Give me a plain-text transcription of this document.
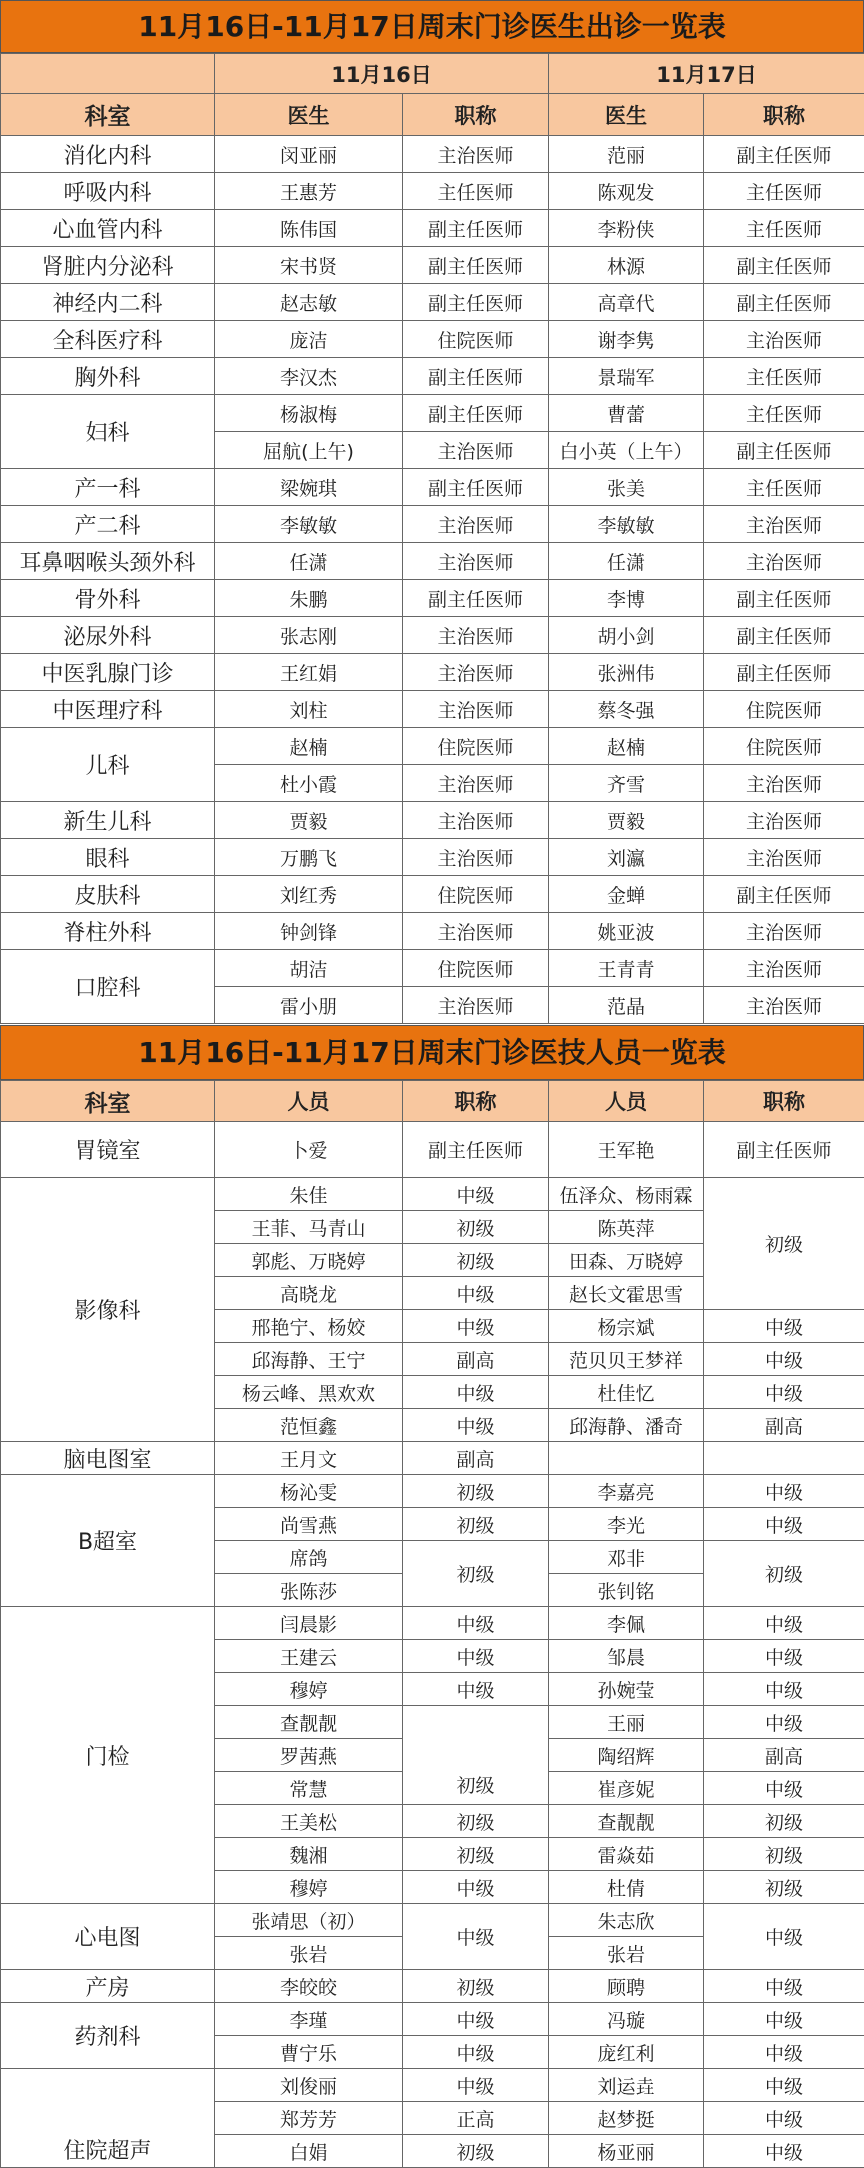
11月16日-11月17日周末门诊医生出诊一览表
	11月16日		11月17日	
科室	医生	职称	医生	职称
消化内科	闵亚丽	主治医师	范丽	副主任医师
呼吸内科	王惠芳	主任医师	陈观发	主任医师
心血管内科	陈伟国	副主任医师	李粉侠	主任医师
肾脏内分泌科	宋书贤	副主任医师	林源	副主任医师
神经内二科	赵志敏	副主任医师	高章代	副主任医师
全科医疗科	庞洁	住院医师	谢李隽	主治医师
胸外科	李汉杰	副主任医师	景瑞军	主任医师
妇科	杨淑梅	副主任医师	曹蕾	主任医师
	屈航(上午)	主治医师	白小英（上午）	副主任医师
产一科	梁婉琪	副主任医师	张美	主任医师
产二科	李敏敏	主治医师	李敏敏	主治医师
耳鼻咽喉头颈外科	任潇	主治医师	任潇	主治医师
骨外科	朱鹏	副主任医师	李博	副主任医师
泌尿外科	张志刚	主治医师	胡小剑	副主任医师
中医乳腺门诊	王红娟	主治医师	张洲伟	副主任医师
中医理疗科	刘柱	主治医师	蔡冬强	住院医师
儿科	赵楠	住院医师	赵楠	住院医师
	杜小霞	主治医师	齐雪	主治医师
新生儿科	贾毅	主治医师	贾毅	主治医师
眼科	万鹏飞	主治医师	刘瀛	主治医师
皮肤科	刘红秀	住院医师	金蝉	副主任医师
脊柱外科	钟剑锋	主治医师	姚亚波	主治医师
口腔科	胡洁	住院医师	王青青	主治医师
	雷小朋	主治医师	范晶	主治医师
11月16日-11月17日周末门诊医技人员一览表
科室	人员	职称	人员	职称
胃镜室	卜爱	副主任医师	王军艳	副主任医师
影像科	朱佳	中级	伍泽众、杨雨霖	初级
	王菲、马青山	初级	陈英萍	
	郭彪、万晓婷	初级	田森、万晓婷	
	高晓龙	中级	赵长文霍思雪	
	邢艳宁、杨姣	中级	杨宗斌	中级
	邱海静、王宁	副高	范贝贝王梦祥	中级
	杨云峰、黑欢欢	中级	杜佳忆	中级
	范恒鑫	中级	邱海静、潘奇	副高
脑电图室	王月文	副高		
B超室	杨沁雯	初级	李嘉亮	中级
	尚雪燕	初级	李光	中级
	席鸽	初级	邓非	初级
	张陈莎		张钊铭	
门检	闫晨影	中级	李佩	中级
	王建云	中级	邹晨	中级
	穆婷	中级	孙婉莹	中级
	查靓靓	初级	王丽	中级
	罗茜燕		陶绍辉	副高
	常慧		崔彦妮	中级
	王美松	初级	查靓靓	初级
	魏湘	初级	雷焱茹	初级
	穆婷	中级	杜倩	初级
心电图	张靖思（初）	中级	朱志欣	中级
	张岩		张岩	
产房	李皎皎	初级	顾聘	中级
药剂科	李瑾	中级	冯璇	中级
	曹宁乐	中级	庞红利	中级
住院超声	刘俊丽	中级	刘运垚	中级
	郑芳芳	正高	赵梦挺	中级
	白娟	初级	杨亚丽	中级
